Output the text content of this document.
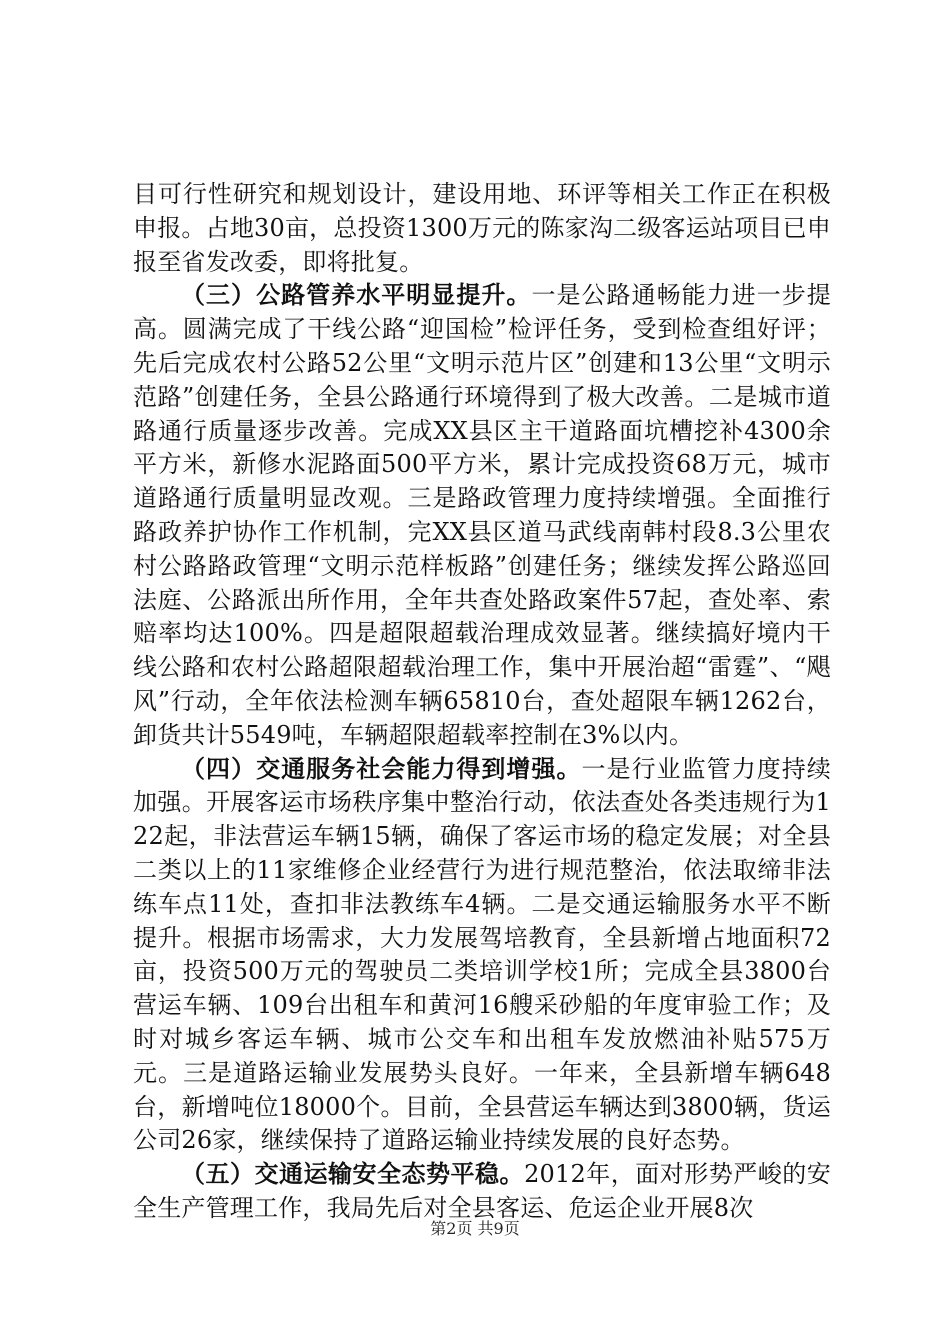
目可行性研究和规划设计，建设用地、环评等相关工作正在积极申报。占地30亩，总投资1300万元的陈家沟二级客运站项目已申报至省发改委，即将批复。

（三）公路管养水平明显提升。一是公路通畅能力进一步提高。圆满完成了干线公路“迎国检”检评任务，受到检查组好评；先后完成农村公路52公里“文明示范片区”创建和13公里“文明示范路”创建任务，全县公路通行环境得到了极大改善。二是城市道路通行质量逐步改善。完成XX县区主干道路面坑槽挖补4300余平方米，新修水泥路面500平方米，累计完成投资68万元，城市道路通行质量明显改观。三是路政管理力度持续增强。全面推行路政养护协作工作机制，完XX县区道马武线南韩村段8.3公里农村公路路政管理“文明示范样板路”创建任务；继续发挥公路巡回法庭、公路派出所作用，全年共查处路政案件57起，查处率、索赔率均达100%。四是超限超载治理成效显著。继续搞好境内干线公路和农村公路超限超载治理工作，集中开展治超“雷霆”、“飓风”行动，全年依法检测车辆65810台，查处超限车辆1262台，卸货共计5549吨，车辆超限超载率控制在3%以内。

（四）交通服务社会能力得到增强。一是行业监管力度持续加强。开展客运市场秩序集中整治行动，依法查处各类违规行为122起，非法营运车辆15辆，确保了客运市场的稳定发展；对全县二类以上的11家维修企业经营行为进行规范整治，依法取缔非法练车点11处，查扣非法教练车4辆。二是交通运输服务水平不断提升。根据市场需求，大力发展驾培教育，全县新增占地面积72亩，投资500万元的驾驶员二类培训学校1所；完成全县3800台营运车辆、109台出租车和黄河16艘采砂船的年度审验工作；及时对城乡客运车辆、城市公交车和出租车发放燃油补贴575万元。三是道路运输业发展势头良好。一年来，全县新增车辆648台，新增吨位18000个。目前，全县营运车辆达到3800辆，货运公司26家，继续保持了道路运输业持续发展的良好态势。

（五）交通运输安全态势平稳。2012年，面对形势严峻的安全生产管理工作，我局先后对全县客运、危运企业开展8次

第2页 共9页
